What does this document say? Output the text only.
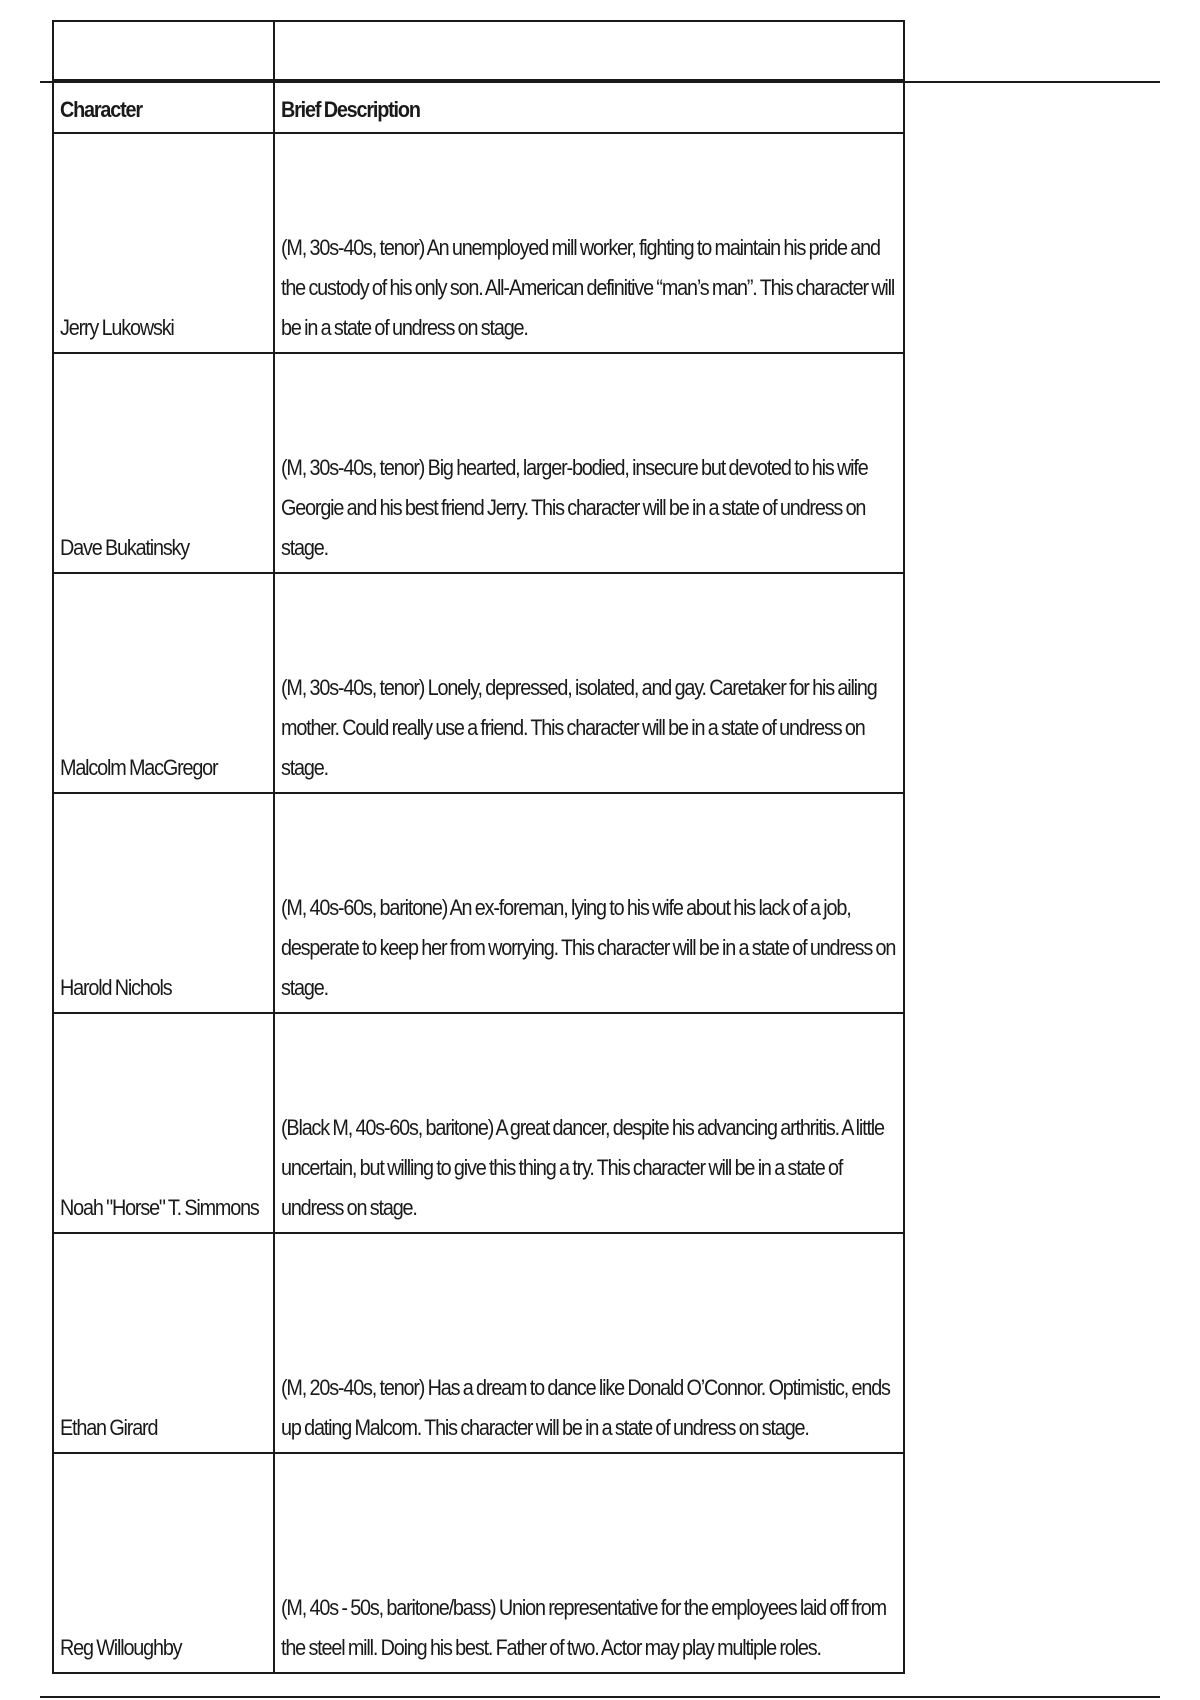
Character	Brief Description

Jerry Lukowski	(M, 30s-40s, tenor) An unemployed mill worker, fighting to maintain his pride and the custody of his only son. All-American definitive “man’s man”. This character will be in a state of undress on stage.

Dave Bukatinsky	(M, 30s-40s, tenor) Big hearted, larger-bodied, insecure but devoted to his wife Georgie and his best friend Jerry. This character will be in a state of undress on stage.

Malcolm MacGregor	(M, 30s-40s, tenor) Lonely, depressed, isolated, and gay. Caretaker for his ailing mother. Could really use a friend. This character will be in a state of undress on stage.

Harold Nichols	(M, 40s-60s, baritone) An ex-foreman, lying to his wife about his lack of a job, desperate to keep her from worrying. This character will be in a state of undress on stage.

Noah "Horse" T. Simmons	(Black M, 40s-60s, baritone) A great dancer, despite his advancing arthritis. A little uncertain, but willing to give this thing a try. This character will be in a state of undress on stage.

Ethan Girard	(M, 20s-40s, tenor) Has a dream to dance like Donald O’Connor. Optimistic, ends up dating Malcom. This character will be in a state of undress on stage.

Reg Willoughby	(M, 40s - 50s, baritone/bass) Union representative for the employees laid off from the steel mill. Doing his best. Father of two. Actor may play multiple roles.
